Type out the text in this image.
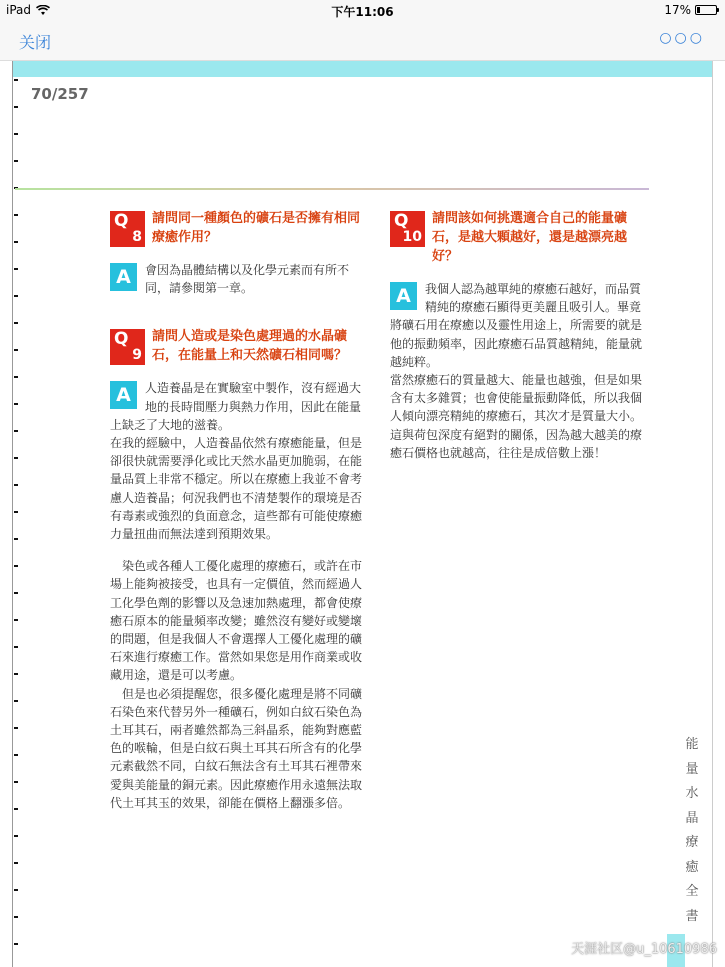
iPad	下午11:06	17%
关闭	○○○
70/257
Q
8
請問同一種顏色的礦石是否擁有相同療癒作用？
A	會因為晶體結構以及化學元素而有所不同，請參閱第一章。

Q
9
請問人造或是染色處理過的水晶礦石，在能量上和天然礦石相同嗎？
A	人造養晶是在實驗室中製作，沒有經過大地的長時間壓力與熱力作用，因此在能量上缺乏了大地的滋養。

在我的經驗中，人造養晶依然有療癒能量，但是卻很快就需要淨化或比天然水晶更加脆弱，在能量品質上非常不穩定。所以在療癒上我並不會考慮人造養晶；何況我們也不清楚製作的環境是否有毒素或強烈的負面意念，這些都有可能使療癒力量扭曲而無法達到預期效果。

染色或各種人工優化處理的療癒石，或許在市場上能夠被接受，也具有一定價值，然而經過人工化學色劑的影響以及急速加熱處理，都會使療癒石原本的能量頻率改變；雖然沒有變好或變壞的問題，但是我個人不會選擇人工優化處理的礦石來進行療癒工作。當然如果您是用作商業或收藏用途，還是可以考慮。

但是也必須提醒您，很多優化處理是將不同礦石染色來代替另外一種礦石，例如白紋石染色為土耳其石，兩者雖然都為三斜晶系，能夠對應藍色的喉輪，但是白紋石與土耳其石所含有的化學元素截然不同，白紋石無法含有土耳其石裡帶來愛與美能量的銅元素。因此療癒作用永遠無法取代土耳其玉的效果，卻能在價格上翻漲多倍。

Q
10
請問該如何挑選適合自己的能量礦石，是越大顆越好，還是越漂亮越好？
A	我個人認為越單純的療癒石越好，而品質精純的療癒石顯得更美麗且吸引人。畢竟將礦石用在療癒以及靈性用途上，所需要的就是他的振動頻率，因此療癒石品質越精純，能量就越純粹。

當然療癒石的質量越大、能量也越強，但是如果含有太多雜質；也會使能量振動降低，所以我個人傾向漂亮精純的療癒石，其次才是質量大小。

這與荷包深度有絕對的關係，因為越大越美的療癒石價格也就越高，往往是成倍數上漲！

能
量
水
晶
療
癒
全
書
天涯社区@u_10610986
